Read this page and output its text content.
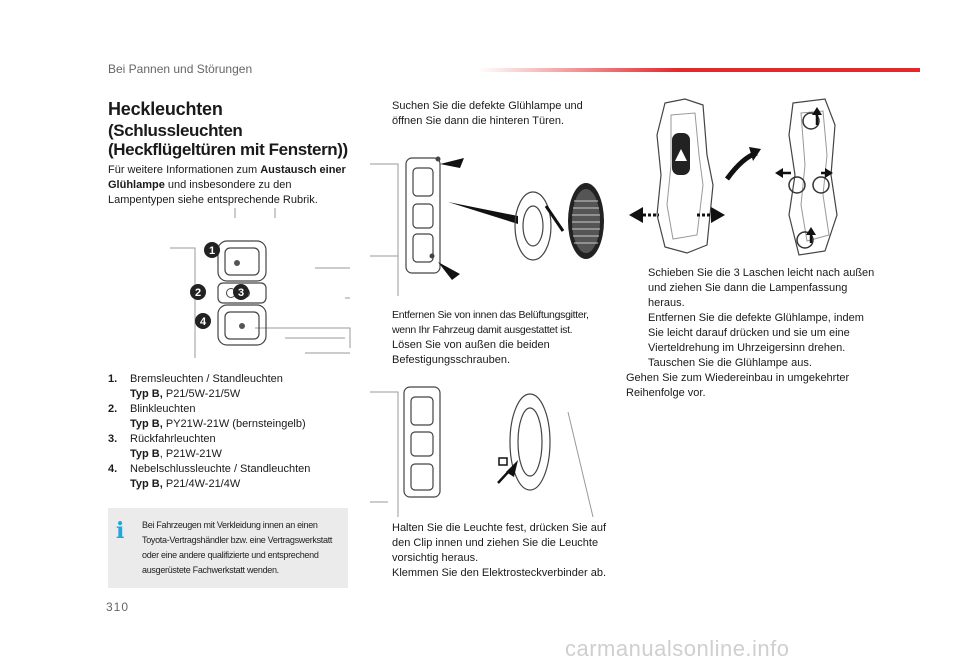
Bei Pannen und Störungen
Heckleuchten
(Schlussleuchten (Heckflügeltüren mit Fenstern))
Für weitere Informationen zum Austausch einer Glühlampe und insbesondere zu den Lampentypen siehe entsprechende Rubrik.
1
2	3
4
1. Bremsleuchten / Standleuchten
Typ B, P21/5W-21/5W
2. Blinkleuchten
Typ B, PY21W-21W (bernsteingelb)
3. Rückfahrleuchten
Typ B, P21W-21W
4. Nebelschlussleuchte / Standleuchten
Typ B, P21/4W-21/4W
i Bei Fahrzeugen mit Verkleidung innen an einen Toyota-Vertragshändler bzw. eine Vertragswerkstatt oder eine andere qualifizierte und entsprechend ausgerüstete Fachwerkstatt wenden.
Suchen Sie die defekte Glühlampe und öffnen Sie dann die hinteren Türen.
Entfernen Sie von innen das Belüftungsgitter, wenn Ihr Fahrzeug damit ausgestattet ist.
Lösen Sie von außen die beiden Befestigungsschrauben.
Halten Sie die Leuchte fest, drücken Sie auf den Clip innen und ziehen Sie die Leuchte vorsichtig heraus.
Klemmen Sie den Elektrosteckverbinder ab.
Schieben Sie die 3 Laschen leicht nach außen und ziehen Sie dann die Lampenfassung heraus.
Entfernen Sie die defekte Glühlampe, indem Sie leicht darauf drücken und sie um eine Vierteldrehung im Uhrzeigersinn drehen.
Tauschen Sie die Glühlampe aus.
Gehen Sie zum Wiedereinbau in umgekehrter Reihenfolge vor.
310
carmanualsonline.info
